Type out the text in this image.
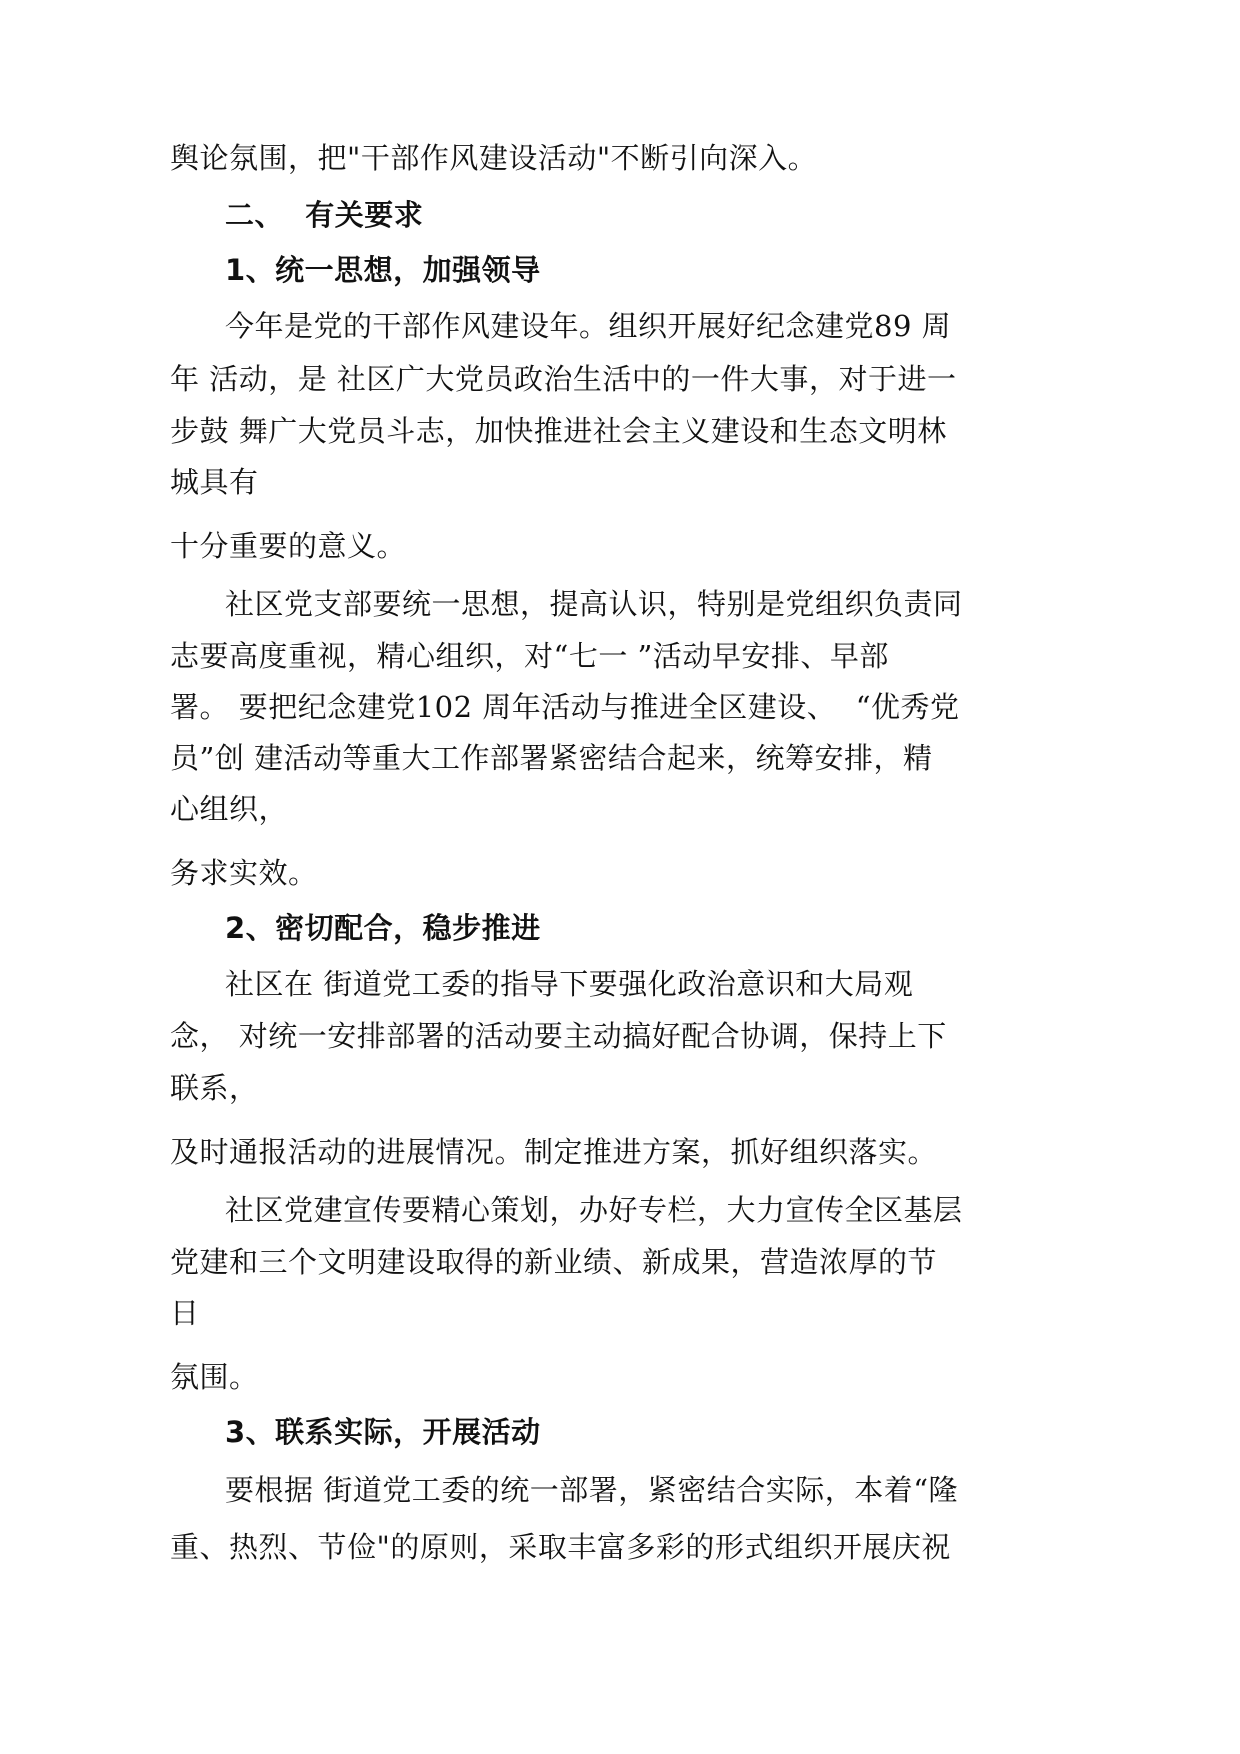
舆论氛围，把"干部作风建设活动"不断引向深入。
二、  有关要求
1、统一思想，加强领导
今年是党的干部作风建设年。组织开展好纪念建党89 周
年 活动，是 社区广大党员政治生活中的一件大事，对于进一
步鼓 舞广大党员斗志，加快推进社会主义建设和生态文明林
城具有
十分重要的意义。
社区党支部要统一思想，提高认识，特别是党组织负责同
志要高度重视，精心组织，对“七一 ”活动早安排、早部
署。 要把纪念建党102 周年活动与推进全区建设、  “优秀党
员”创 建活动等重大工作部署紧密结合起来，统筹安排，精
心组织，
务求实效。
2、密切配合，稳步推进
社区在 街道党工委的指导下要强化政治意识和大局观
念， 对统一安排部署的活动要主动搞好配合协调，保持上下
联系，
及时通报活动的进展情况。制定推进方案，抓好组织落实。
社区党建宣传要精心策划，办好专栏，大力宣传全区基层
党建和三个文明建设取得的新业绩、新成果，营造浓厚的节
日
氛围。
3、联系实际，开展活动
要根据 街道党工委的统一部署，紧密结合实际，本着“隆
重、热烈、节俭"的原则，采取丰富多彩的形式组织开展庆祝
